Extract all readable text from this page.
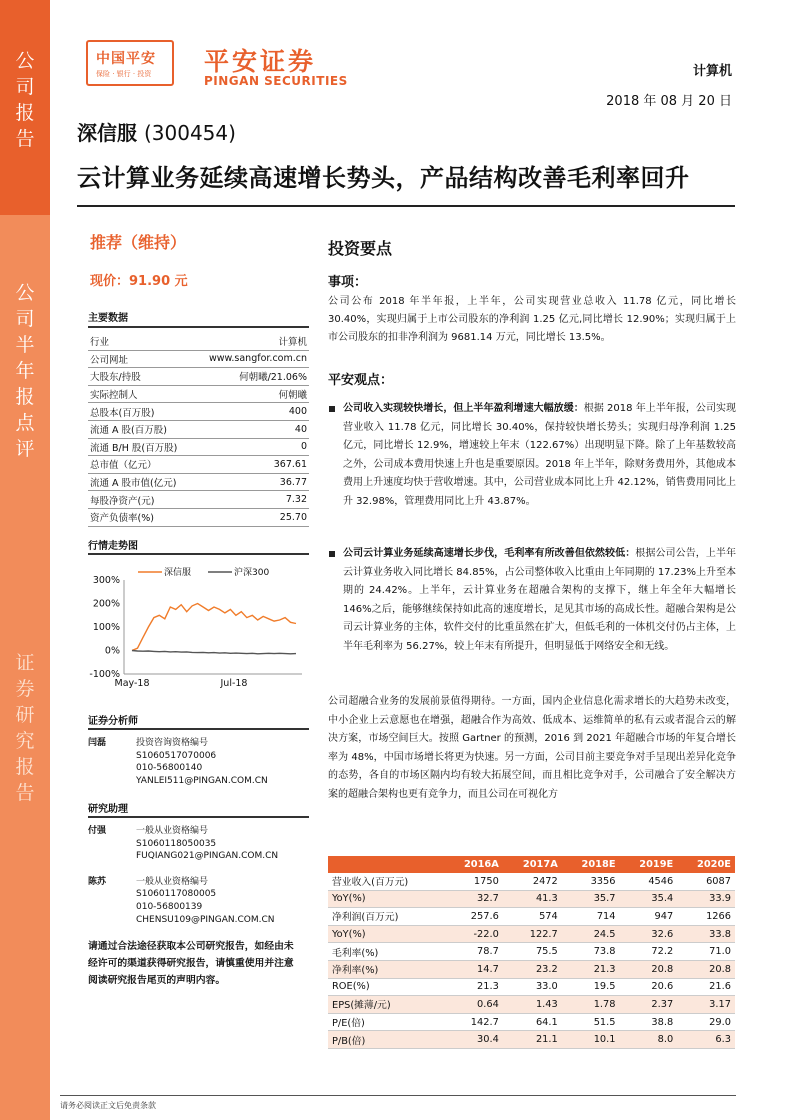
公
司
报
告
公
司
半
年
报
点
评
证
券
研
究
报
告
中国平安
保险 · 银行 · 投资 平安证券
PINGAN SECURITIES
计算机
2018 年 08 月 20 日
深信服 (300454)
云计算业务延续高速增长势头，产品结构改善毛利率回升
推荐（维持）
现价：91.90 元
主要数据
行业	计算机
公司网址	www.sangfor.com.cn
大股东/持股	何朝曦/21.06%
实际控制人	何朝曦
总股本(百万股)	400
流通 A 股(百万股)	40
流通 B/H 股(百万股)	0
总市值（亿元）	367.61
流通 A 股市值(亿元)	36.77
每股净资产(元)	7.32
资产负债率(%)	25.70
行情走势图
300%
200%
100%
0%
-100%
May-18	Jul-18
深信服	沪深300
证券分析师
闫磊	投资咨询资格编号
S1060517070006
010-56800140
YANLEI511@PINGAN.COM.CN
研究助理
付强	一般从业资格编号
S1060118050035
FUQIANG021@PINGAN.COM.CN
陈苏	一般从业资格编号
S1060117080005
010-56800139
CHENSU109@PINGAN.COM.CN
请通过合法途径获取本公司研究报告，如经由未经许可的渠道获得研究报告，请慎重使用并注意阅读研究报告尾页的声明内容。
投资要点
事项：
公司公布 2018 年半年报，上半年，公司实现营业总收入 11.78 亿元，同比增长 30.40%，实现归属于上市公司股东的净利润 1.25 亿元,同比增长 12.90%；实现归属于上市公司股东的扣非净利润为 9681.14 万元，同比增长 13.5%。
平安观点：
公司收入实现较快增长，但上半年盈利增速大幅放缓：根据 2018 年上半年报，公司实现营业收入 11.78 亿元，同比增长 30.40%，保持较快增长势头；实现归母净利润 1.25 亿元，同比增长 12.9%，增速较上年末（122.67%）出现明显下降。除了上年基数较高之外，公司成本费用快速上升也是重要原因。2018 年上半年，除财务费用外，其他成本费用上升速度均快于营收增速。其中，公司营业成本同比上升 42.12%，销售费用同比上升 32.98%，管理费用同比上升 43.87%。
公司云计算业务延续高速增长步伐，毛利率有所改善但依然较低：根据公司公告，上半年云计算业务收入同比增长 84.85%，占公司整体收入比重由上年同期的 17.23%上升至本期的 24.42%。上半年，云计算业务在超融合架构的支撑下，继上年全年大幅增长 146%之后，能够继续保持如此高的速度增长，足见其市场的高成长性。超融合架构是公司云计算业务的主体，软件交付的比重虽然在扩大，但低毛利的一体机交付仍占主体，上半年毛利率为 56.27%，较上年末有所提升，但明显低于网络安全和无线。
公司超融合业务的发展前景值得期待。一方面，国内企业信息化需求增长的大趋势未改变，中小企业上云意愿也在增强，超融合作为高效、低成本、运维简单的私有云或者混合云的解决方案，市场空间巨大。按照 Gartner 的预测，2016 到 2021 年超融合市场的年复合增长率为 48%，中国市场增长将更为快速。另一方面，公司目前主要竞争对手呈现出差异化竞争的态势，各自的市场区隔内均有较大拓展空间，而且相比竞争对手，公司融合了安全解决方案的超融合架构也更有竞争力，而且公司在可视化方
	2016A	2017A	2018E	2019E	2020E
营业收入(百万元)	1750	2472	3356	4546	6087
YoY(%)	32.7	41.3	35.7	35.4	33.9
净利润(百万元)	257.6	574	714	947	1266
YoY(%)	-22.0	122.7	24.5	32.6	33.8
毛利率(%)	78.7	75.5	73.8	72.2	71.0
净利率(%)	14.7	23.2	21.3	20.8	20.8
ROE(%)	21.3	33.0	19.5	20.6	21.6
EPS(摊薄/元)	0.64	1.43	1.78	2.37	3.17
P/E(倍)	142.7	64.1	51.5	38.8	29.0
P/B(倍)	30.4	21.1	10.1	8.0	6.3
请务必阅读正文后免责条款
